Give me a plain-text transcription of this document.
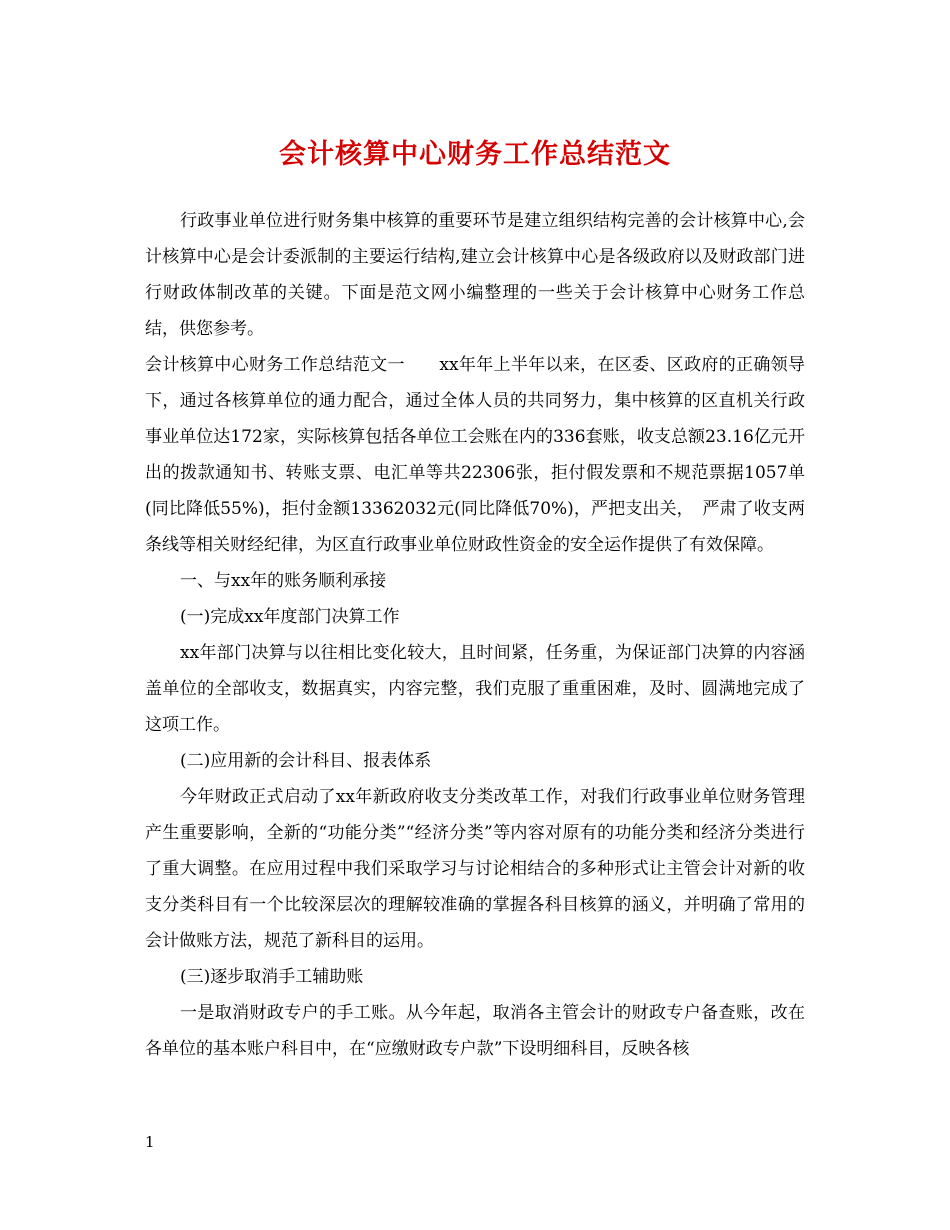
会计核算中心财务工作总结范文

行政事业单位进行财务集中核算的重要环节是建立组织结构完善的会计核算中心,会计核算中心是会计委派制的主要运行结构,建立会计核算中心是各级政府以及财政部门进行财政体制改革的关键。下面是范文网小编整理的一些关于会计核算中心财务工作总结，供您参考。

会计核算中心财务工作总结范文一　　xx年年上半年以来，在区委、区政府的正确领导下，通过各核算单位的通力配合，通过全体人员的共同努力，集中核算的区直机关行政事业单位达172家，实际核算包括各单位工会账在内的336套账，收支总额23.16亿元开出的拨款通知书、转账支票、电汇单等共22306张，拒付假发票和不规范票据1057单(同比降低55%)，拒付金额13362032元(同比降低70%)，严把支出关，　严肃了收支两条线等相关财经纪律，为区直行政事业单位财政性资金的安全运作提供了有效保障。

一、与xx年的账务顺利承接

(一)完成xx年度部门决算工作

xx年部门决算与以往相比变化较大，且时间紧，任务重，为保证部门决算的内容涵盖单位的全部收支，数据真实，内容完整，我们克服了重重困难，及时、圆满地完成了这项工作。

(二)应用新的会计科目、报表体系

今年财政正式启动了xx年新政府收支分类改革工作，对我们行政事业单位财务管理产生重要影响，全新的“功能分类”“经济分类”等内容对原有的功能分类和经济分类进行了重大调整。在应用过程中我们采取学习与讨论相结合的多种形式让主管会计对新的收支分类科目有一个比较深层次的理解较准确的掌握各科目核算的涵义，并明确了常用的会计做账方法，规范了新科目的运用。

(三)逐步取消手工辅助账

一是取消财政专户的手工账。从今年起，取消各主管会计的财政专户备查账，改在各单位的基本账户科目中，在“应缴财政专户款”下设明细科目，反映各核

1
